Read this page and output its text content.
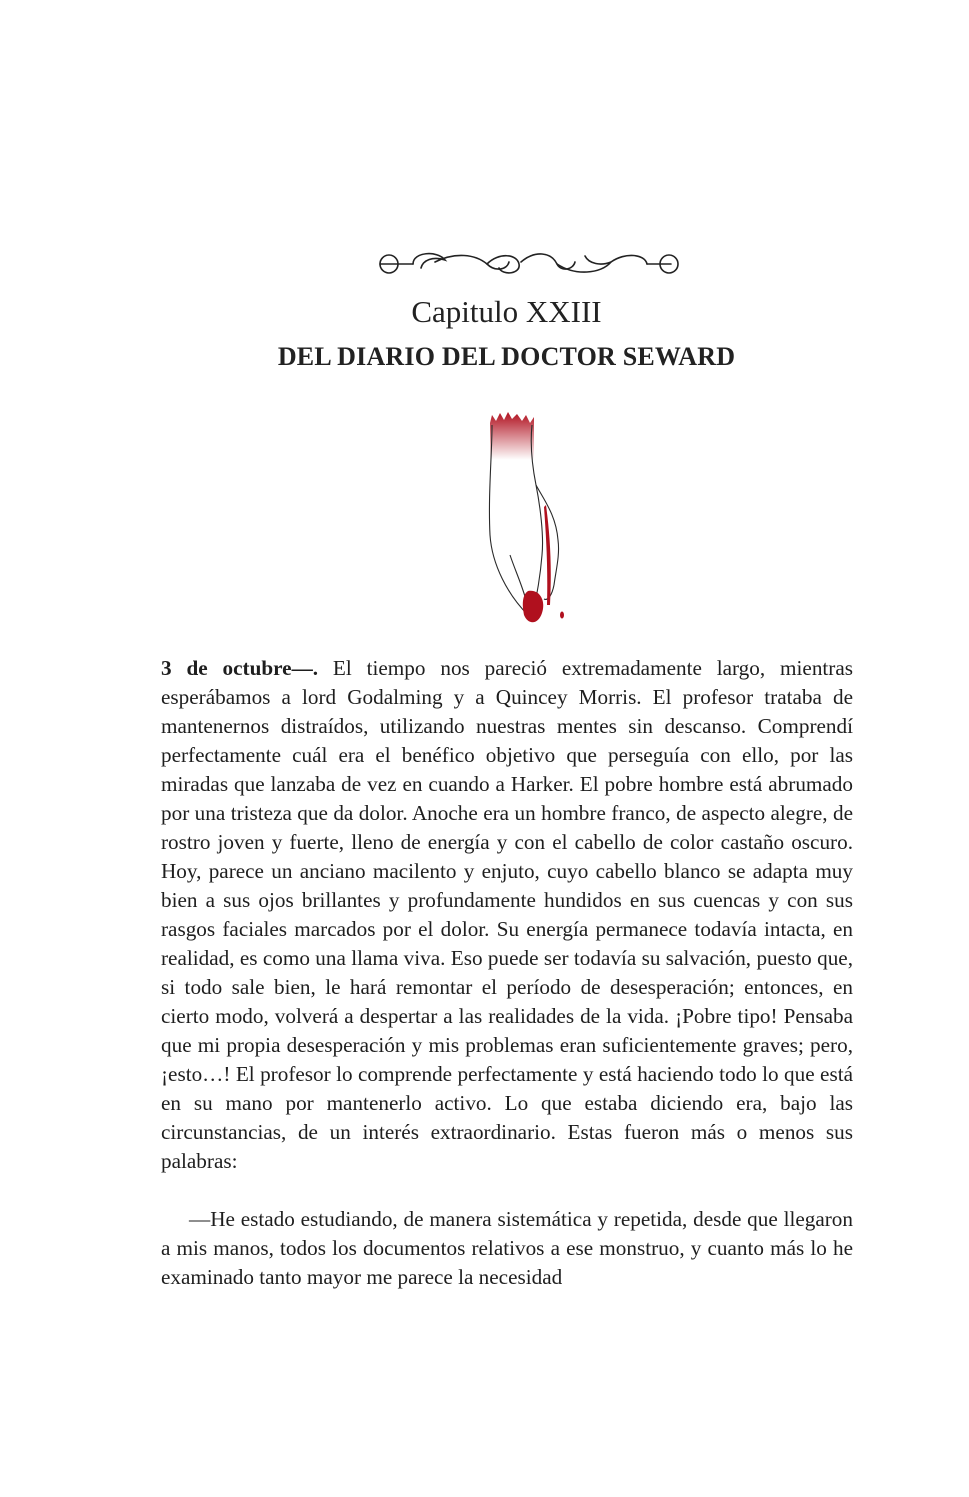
Capitulo XXIII
DEL DIARIO DEL DOCTOR SEWARD

3 de octubre—. El tiempo nos pareció extremadamente largo, mientras esperábamos a lord Godalming y a Quincey Morris. El profesor trataba de mantenernos distraídos, utilizando nuestras mentes sin descanso. Comprendí perfectamente cuál era el benéfico objetivo que perseguía con ello, por las miradas que lanzaba de vez en cuando a Harker. El pobre hombre está abrumado por una tristeza que da dolor. Anoche era un hombre franco, de aspecto alegre, de rostro joven y fuerte, lleno de energía y con el cabello de color castaño oscuro. Hoy, parece un anciano macilento y enjuto, cuyo cabello blanco se adapta muy bien a sus ojos brillantes y profundamente hundidos en sus cuencas y con sus rasgos faciales marcados por el dolor. Su energía permanece todavía intacta, en realidad, es como una llama viva. Eso puede ser todavía su salvación, puesto que, si todo sale bien, le hará remontar el período de desesperación; entonces, en cierto modo, volverá a despertar a las realidades de la vida. ¡Pobre tipo! Pensaba que mi propia desesperación y mis problemas eran suficientemente graves; pero, ¡esto…! El profesor lo comprende perfectamente y está haciendo todo lo que está en su mano por mantenerlo activo. Lo que estaba diciendo era, bajo las circunstancias, de un interés extraordinario. Estas fueron más o menos sus palabras:

—He estado estudiando, de manera sistemática y repetida, desde que llegaron a mis manos, todos los documentos relativos a ese monstruo, y cuanto más lo he examinado tanto mayor me parece la necesidad
